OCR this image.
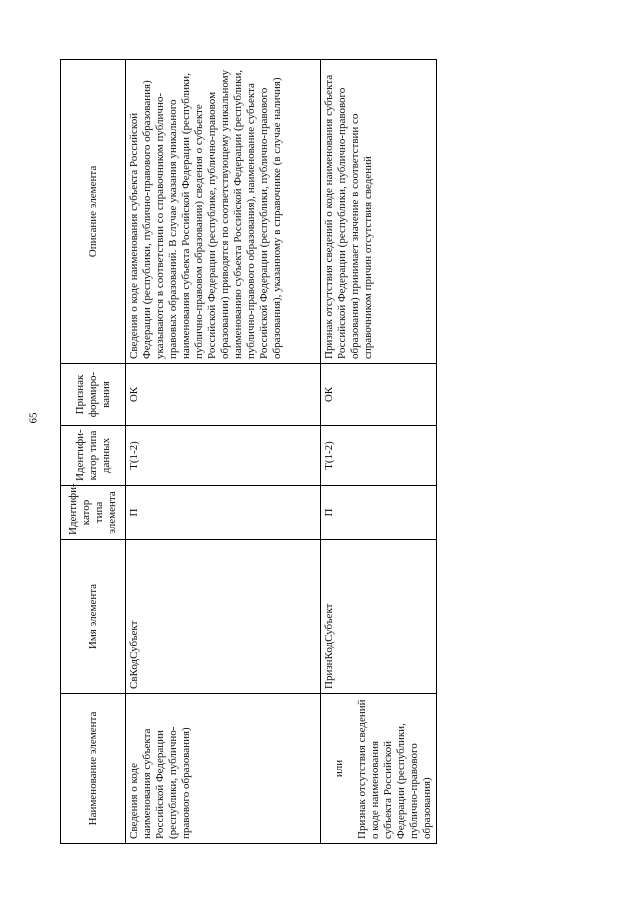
65
Наименование элемента	Имя элемента	Идентифи-катор типа элемента	Идентифи-катор типа данных	Признак формиро-вания	Описание элемента
Сведения о коде наименования субъекта Российской Федерации (республики, публично-правового образования)	СвКодСубъект	П	T(1-2)	ОК	Сведения о коде наименования субъекта Российской Федерации (республики, публично-правового образования) указываются в соответствии со справочником публично-правовых образований. В случае указания уникального наименования субъекта Российской Федерации (республики, публично-правовом образовании) сведения о субъекте Российской Федерации (республике, публично-правовом образовании) приводятся по соответствующему уникальному наименованию субъекта Российской Федерации (республики, публично-правового образования), наименование субъекта Российской Федерации (республики, публично-правового образования), указанному в справочнике (в случае наличия)

или Признак отсутствия сведений о коде наименования субъекта Российской Федерации (республики, публично-правового образования)	ПризнКодСубъект	П	T(1-2)	ОК	Признак отсутствия сведений о коде наименования субъекта Российской Федерации (республики, публично-правового образования) принимает значение в соответствии со справочником причин отсутствия сведений
